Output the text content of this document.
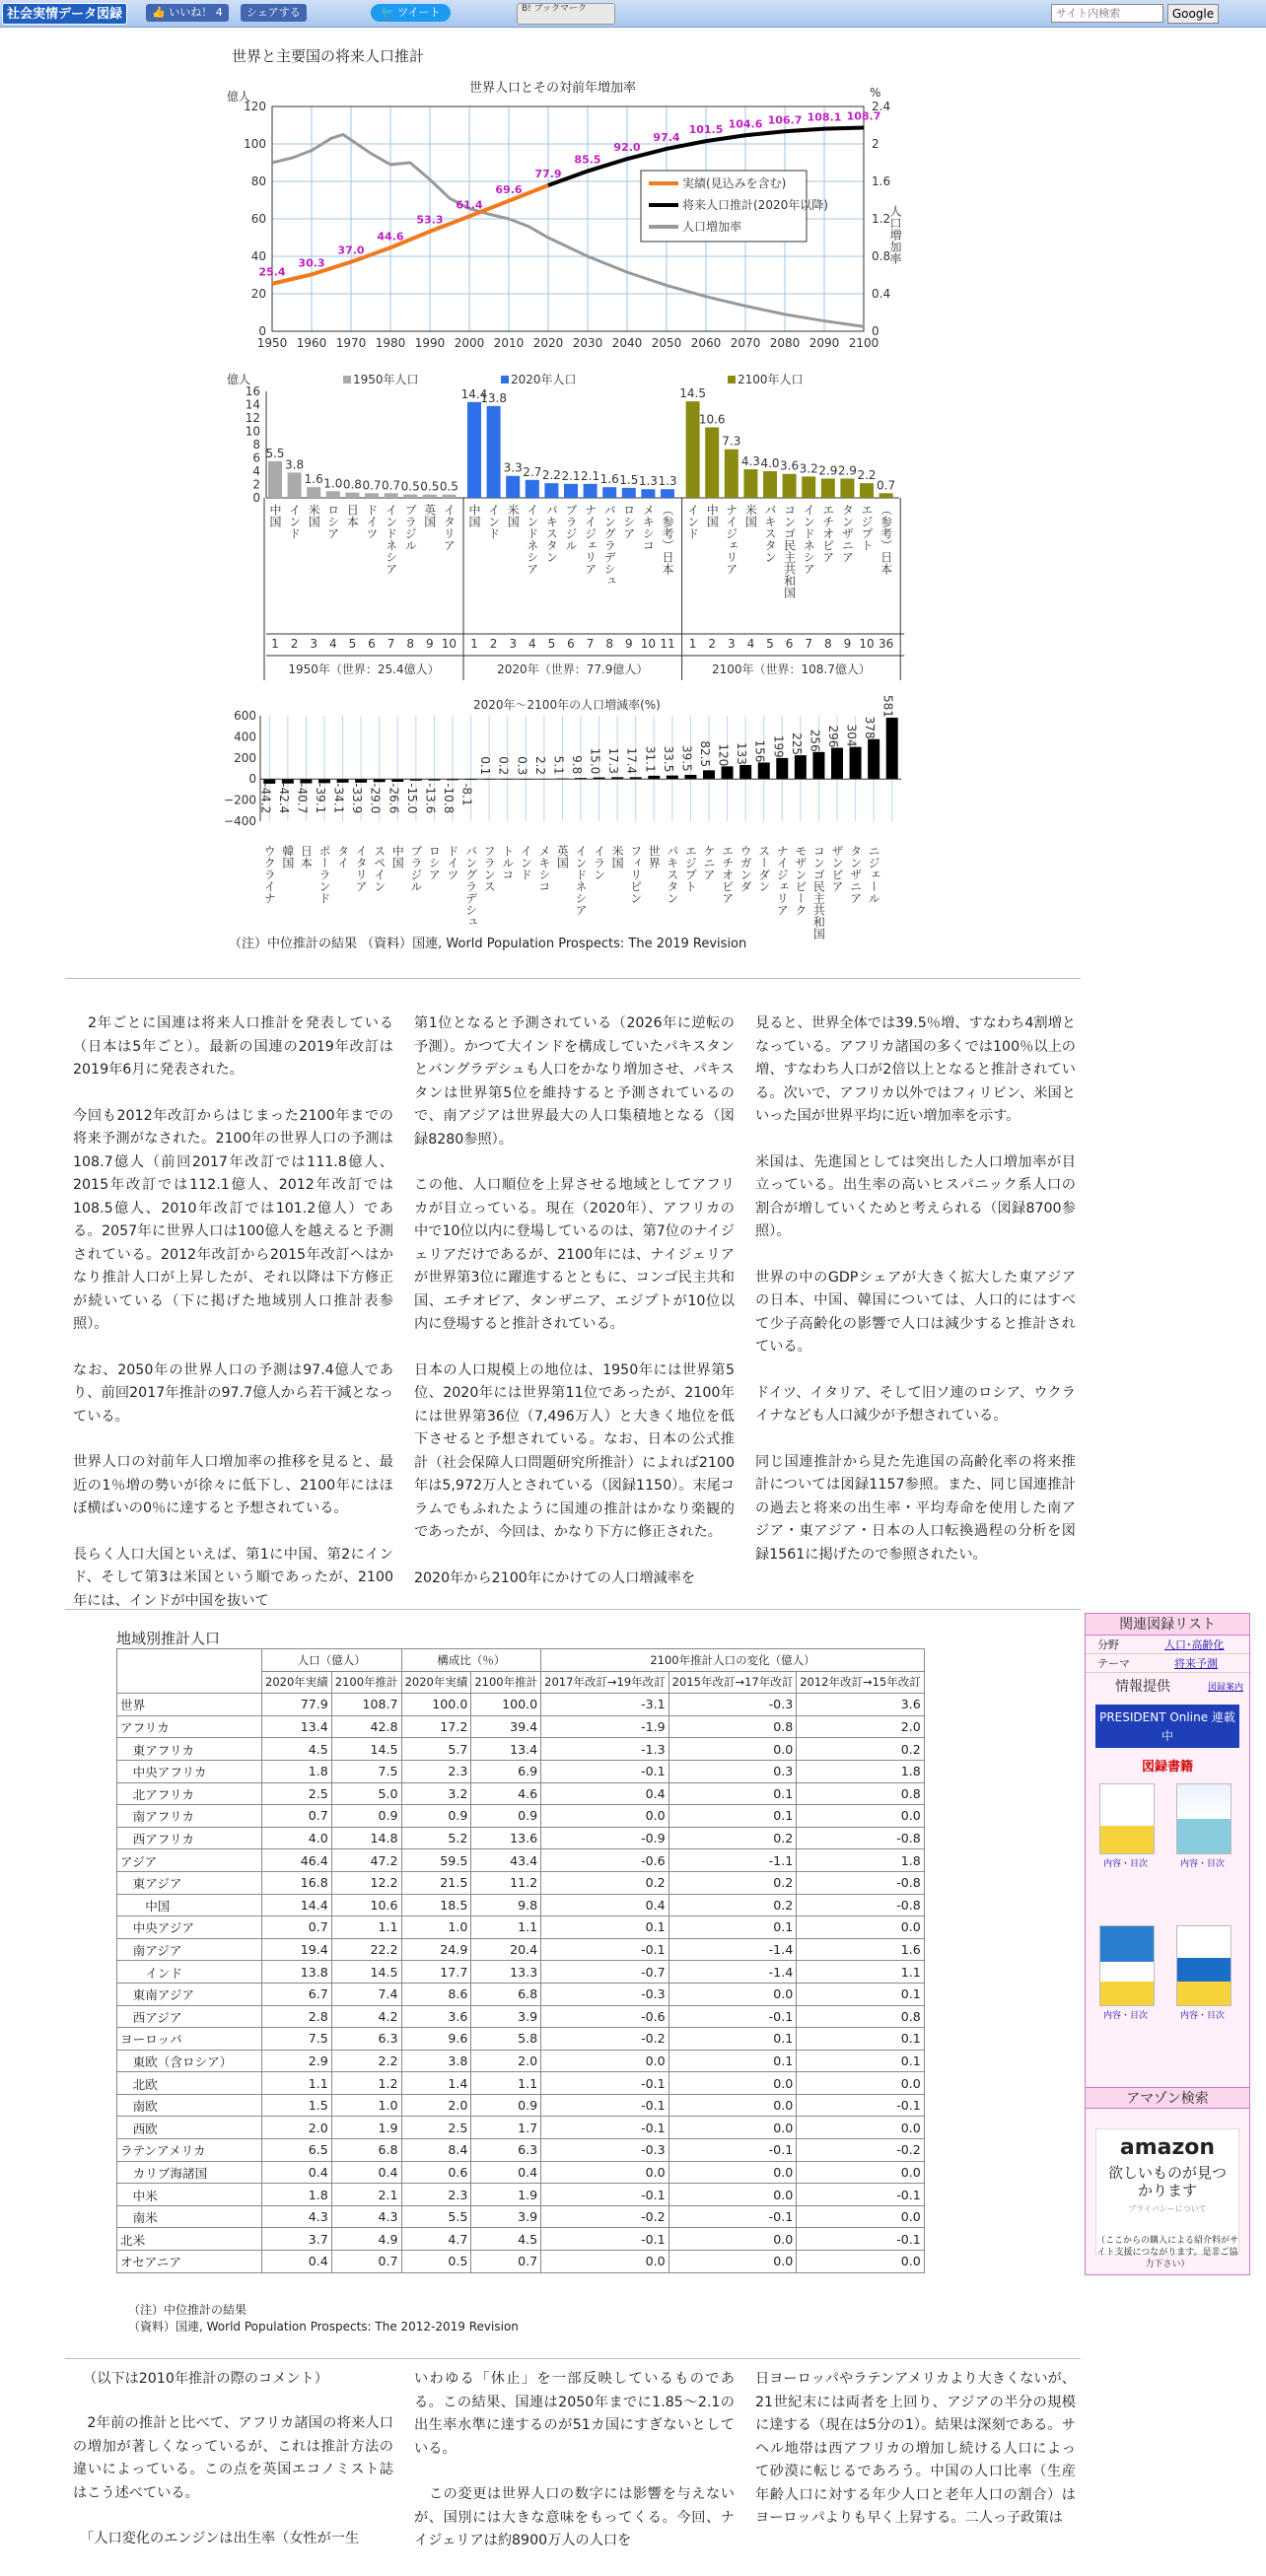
社会実情データ図録	👍 いいね！ 4	シェアする	🐦 ツイート	B! ブックマーク
サイト内検索	Google
世界と主要国の将来人口推計
世界人口とその対前年増加率
1950 1960 1970 1980 1990 2000 2010 2020 2030 2040 2050 2060 2070 2080 2090 2100
0
20
40
60
80
100
120
0
0.4
0.8
1.2
1.6
2
2.4
億人	%
人口増加率
25.4
30.3
37.0
44.6
53.3
61.4
69.6
77.9
85.5
92.0
97.4
101.5 104.6 106.7 108.1 108.7
実績(見込みを含む)
将来人口推計(2020年以降)
人口増加率
0
2
4
6
8
10
12
14
16
億人	1950年人口	2020年人口	2100年人口
5.5
中国
1
3.8
インド
2
1.6
米国
3
1.0
ロシア
4
0.8
日本
5
0.7
ドイツ
6
0.7
インドネシア
7
0.5
ブラジル
8
0.5
英国
9
0.5
イタリア
10
14.4
中国
1
13.8
インド
2
3.3
米国
3
2.7
インドネシア
4
2.2
パキスタン
5
2.1
ブラジル
6
2.1
ナイジェリア
7
1.6
バングラデシュ
8
1.5
ロシア
9
1.3
メキシコ
10
1.3
（参考）日本
11
14.5
インド
1
10.6
中国
2
7.3
ナイジェリア
3
4.3
米国
4
4.0
パキスタン
5
3.6
コンゴ民主共和国
6
3.2
インドネシア
7
2.9
エチオピア
8
2.9
タンザニア
9
2.2
エジプト
10
0.7
（参考）日本
36
1950年（世界：25.4億人）	2020年（世界：77.9億人）	2100年（世界：108.7億人）
2020年～2100年の人口増減率(%)
600
400
200
0
−200
−400
-44.2
ウクライナ
-42.4
韓国
-40.7
日本
-39.1
ポーランド
-34.1
タイ
-33.9
イタリア
-29.0
スペイン
-26.6
中国
-15.0
ブラジル
-13.6
ロシア
-10.8
ドイツ
-8.1
バングラデシュ
0.1
フランス
0.2
トルコ
0.3
インド
2.2
メキシコ
5.1
英国
9.8
インドネシア
15.0
イラン
17.3
米国
17.4
フィリピン
31.1
世界
33.5
パキスタン
39.5
エジプト
82.5
ケニア
120
エチオピア
133
ウガンダ
156
スーダン
199
ナイジェリア
225
モザンビーク
256
コンゴ民主共和国
296
ザンビア
304
タンザニア
378
ニジェール
581
（注）中位推計の結果 （資料）国連, World Population Prospects: The 2019 Revision

　2年ごとに国連は将来人口推計を発表している（日本は5年ごと）。最新の国連の2019年改訂は2019年6月に発表された。

今回も2012年改訂からはじまった2100年までの将来予測がなされた。2100年の世界人口の予測は108.7億人（前回2017年改訂では111.8億人、2015年改訂では112.1億人、2012年改訂では108.5億人、2010年改訂では101.2億人）である。2057年に世界人口は100億人を越えると予測されている。2012年改訂から2015年改訂へはかなり推計人口が上昇したが、それ以降は下方修正が続いている（下に掲げた地域別人口推計表参照）。

なお、2050年の世界人口の予測は97.4億人であり、前回2017年推計の97.7億人から若干減となっている。

世界人口の対前年人口増加率の推移を見ると、最近の1％増の勢いが徐々に低下し、2100年にはほぼ横ばいの0％に達すると予想されている。

長らく人口大国といえば、第1に中国、第2にインド、そして第3は米国という順であったが、2100年には、インドが中国を抜いて

第1位となると予測されている（2026年に逆転の予測）。かつて大インドを構成していたパキスタンとバングラデシュも人口をかなり増加させ、パキスタンは世界第5位を維持すると予測されているので、南アジアは世界最大の人口集積地となる（図録8280参照）。

この他、人口順位を上昇させる地域としてアフリカが目立っている。現在（2020年）、アフリカの中で10位以内に登場しているのは、第7位のナイジェリアだけであるが、2100年には、ナイジェリアが世界第3位に躍進するとともに、コンゴ民主共和国、エチオピア、タンザニア、エジプトが10位以内に登場すると推計されている。

日本の人口規模上の地位は、1950年には世界第5位、2020年には世界第11位であったが、2100年には世界第36位（7,496万人）と大きく地位を低下させると予想されている。なお、日本の公式推計（社会保障人口問題研究所推計）によれば2100年は5,972万人とされている（図録1150）。末尾コラムでもふれたように国連の推計はかなり楽観的であったが、今回は、かなり下方に修正された。

2020年から2100年にかけての人口増減率を

見ると、世界全体では39.5％増、すなわち4割増となっている。アフリカ諸国の多くでは100％以上の増、すなわち人口が2倍以上となると推計されている。次いで、アフリカ以外ではフィリピン、米国といった国が世界平均に近い増加率を示す。

米国は、先進国としては突出した人口増加率が目立っている。出生率の高いヒスパニック系人口の割合が増していくためと考えられる（図録8700参照）。

世界の中のGDPシェアが大きく拡大した東アジアの日本、中国、韓国については、人口的にはすべて少子高齢化の影響で人口は減少すると推計されている。

ドイツ、イタリア、そして旧ソ連のロシア、ウクライナなども人口減少が予想されている。

同じ国連推計から見た先進国の高齢化率の将来推計については図録1157参照。また、同じ国連推計の過去と将来の出生率・平均寿命を使用した南アジア・東アジア・日本の人口転換過程の分析を図録1561に掲げたので参照されたい。

地域別推計人口
	人口（億人）		構成比（％）		2100年推計人口の変化（億人）		
	2020年実績	2100年推計	2020年実績	2100年推計	2017年改訂→19年改訂	2015年改訂→17年改訂	2012年改訂→15年改訂
世界	77.9	108.7	100.0	100.0	-3.1	-0.3	3.6
アフリカ	13.4	42.8	17.2	39.4	-1.9	0.8	2.0
　東アフリカ	4.5	14.5	5.7	13.4	-1.3	0.0	0.2
　中央アフリカ	1.8	7.5	2.3	6.9	-0.1	0.3	1.8
　北アフリカ	2.5	5.0	3.2	4.6	0.4	0.1	0.8
　南アフリカ	0.7	0.9	0.9	0.9	0.0	0.1	0.0
　西アフリカ	4.0	14.8	5.2	13.6	-0.9	0.2	-0.8
アジア	46.4	47.2	59.5	43.4	-0.6	-1.1	1.8
　東アジア	16.8	12.2	21.5	11.2	0.2	0.2	-0.8
　　中国	14.4	10.6	18.5	9.8	0.4	0.2	-0.8
　中央アジア	0.7	1.1	1.0	1.1	0.1	0.1	0.0
　南アジア	19.4	22.2	24.9	20.4	-0.1	-1.4	1.6
　　インド	13.8	14.5	17.7	13.3	-0.7	-1.4	1.1
　東南アジア	6.7	7.4	8.6	6.8	-0.3	0.0	0.1
　西アジア	2.8	4.2	3.6	3.9	-0.6	-0.1	0.8
ヨーロッパ	7.5	6.3	9.6	5.8	-0.2	0.1	0.1
　東欧（含ロシア）	2.9	2.2	3.8	2.0	0.0	0.1	0.1
　北欧	1.1	1.2	1.4	1.1	-0.1	0.0	0.0
　南欧	1.5	1.0	2.0	0.9	-0.1	0.0	-0.1
　西欧	2.0	1.9	2.5	1.7	-0.1	0.0	0.0
ラテンアメリカ	6.5	6.8	8.4	6.3	-0.3	-0.1	-0.2
　カリブ海諸国	0.4	0.4	0.6	0.4	0.0	0.0	0.0
　中米	1.8	2.1	2.3	1.9	-0.1	0.0	-0.1
　南米	4.3	4.3	5.5	3.9	-0.2	-0.1	0.0
北米	3.7	4.9	4.7	4.5	-0.1	0.0	-0.1
オセアニア	0.4	0.7	0.5	0.7	0.0	0.0	0.0
（注）中位推計の結果
（資料）国連, World Population Prospects: The 2012-2019 Revision
関連図録リスト
分野	人口･高齢化
テーマ	将来予測
情報提供	図録案内
PRESIDENT Online 連載中
図録書籍
内容・目次	内容・目次
内容・目次	内容・目次
アマゾン検索
amazon
欲しいものが見つかります
プライバシーについて
（ここからの購入による紹介料がサイト支援につながります。是非ご協力下さい）
（以下は2010年推計の際のコメント）

　2年前の推計と比べて、アフリカ諸国の将来人口の増加が著しくなっているが、これは推計方法の違いによっている。この点を英国エコノミスト誌はこう述べている。

　「人口変化のエンジンは出生率（女性が一生

いわゆる「休止」を一部反映しているものである。この結果、国連は2050年までに1.85～2.1の出生率水準に達するのが51カ国にすぎないとしている。

　この変更は世界人口の数字には影響を与えないが、国別には大きな意味をもってくる。今回、ナイジェリアは約8900万人の人口を

日ヨーロッパやラテンアメリカより大きくないが、21世紀末には両者を上回り、アジアの半分の規模に達する（現在は5分の1）。結果は深刻である。サヘル地帯は西アフリカの増加し続ける人口によって砂漠に転じるであろう。中国の人口比率（生産年齢人口に対する年少人口と老年人口の割合）はヨーロッパよりも早く上昇する。二人っ子政策は
